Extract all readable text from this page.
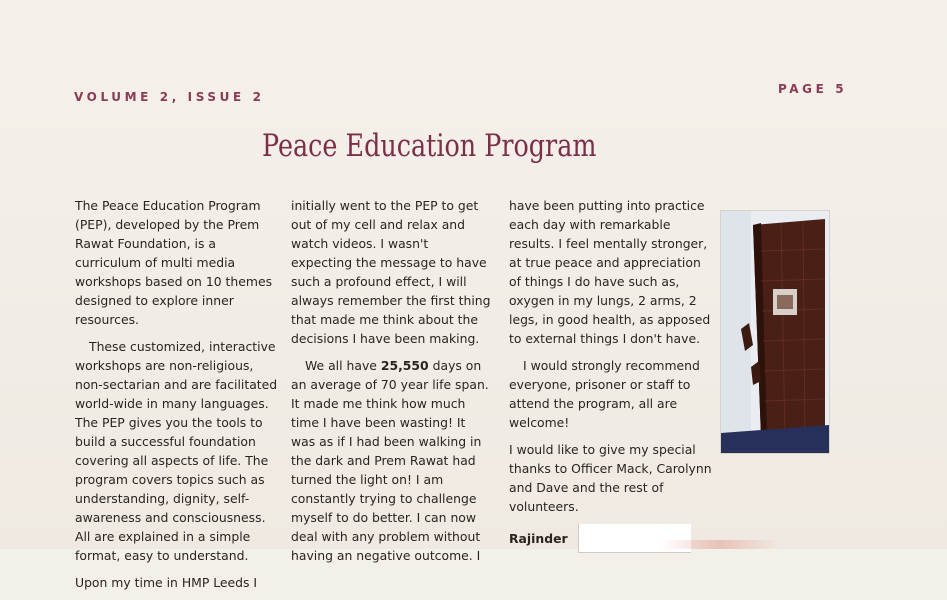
VOLUME 2, ISSUE 2
PAGE 5
Peace Education Program

The Peace Education Program (PEP), developed by the Prem Rawat Foundation, is a curriculum of multi media workshops based on 10 themes designed to explore inner resources.

These customized, interactive workshops are non-religious, non-sectarian and are facilitated world-wide in many languages. The PEP gives you the tools to build a successful foundation covering all aspects of life. The program covers topics such as understanding, dignity, self-awareness and consciousness. All are explained in a simple format, easy to understand.

Upon my time in HMP Leeds I

initially went to the PEP to get out of my cell and relax and watch videos. I wasn't expecting the message to have such a profound effect, I will always remember the first thing that made me think about the decisions I have been making.

We all have 25,550 days on an average of 70 year life span. It made me think how much time I have been wasting! It was as if I had been walking in the dark and Prem Rawat had turned the light on! I am constantly trying to challenge myself to do better. I can now deal with any problem without having an negative outcome. I

have been putting into practice each day with remarkable results. I feel mentally stronger, at true peace and appreciation of things I do have such as, oxygen in my lungs, 2 arms, 2 legs, in good health, as apposed to external things I don't have.

I would strongly recommend everyone, prisoner or staff to attend the program, all are welcome!

I would like to give my special thanks to Officer Mack, Carolynn and Dave and the rest of volunteers.

Rajinder
